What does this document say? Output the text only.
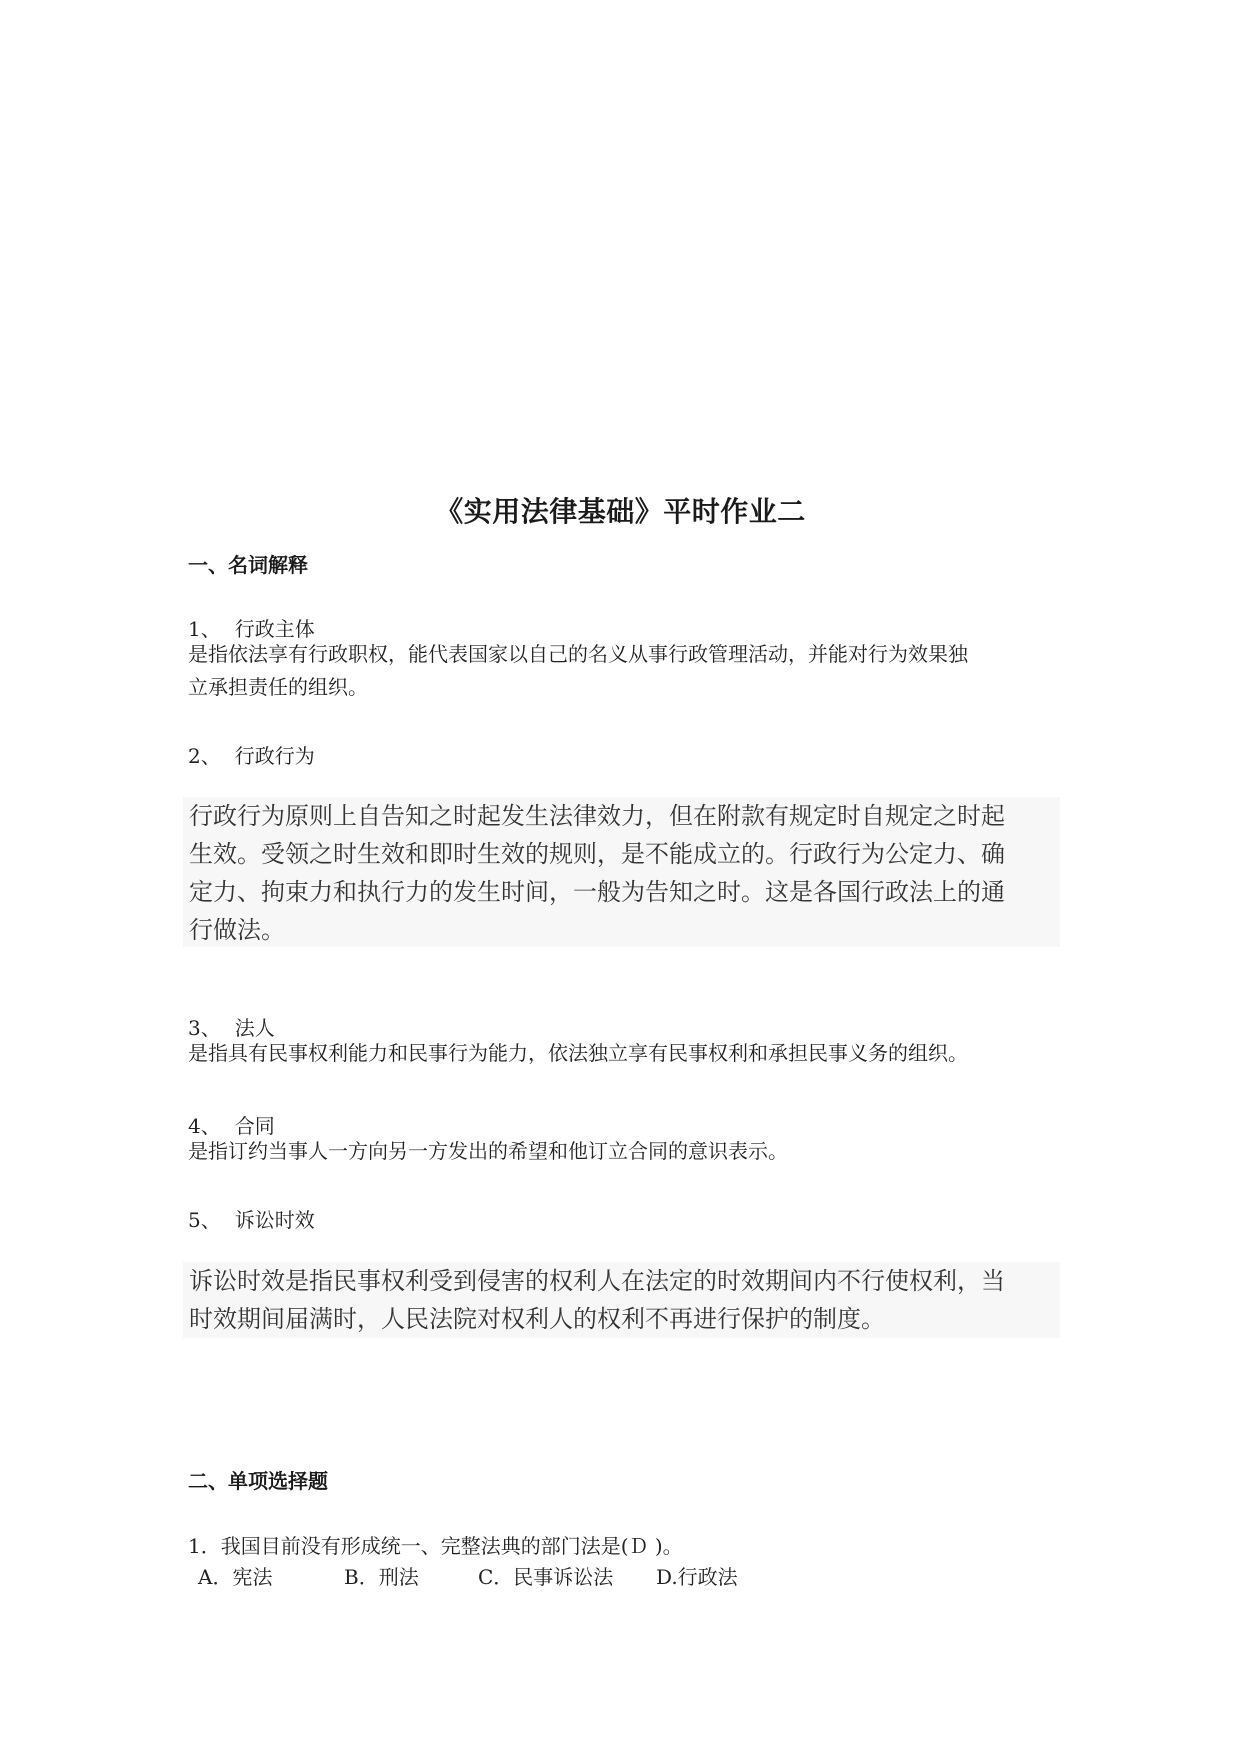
《实用法律基础》平时作业二
一、名词解释
1、 行政主体
是指依法享有行政职权，能代表国家以自己的名义从事行政管理活动，并能对行为效果独
立承担责任的组织。
2、 行政行为
行政行为原则上自告知之时起发生法律效力，但在附款有规定时自规定之时起
生效。受领之时生效和即时生效的规则，是不能成立的。行政行为公定力、确
定力、拘束力和执行力的发生时间，一般为告知之时。这是各国行政法上的通
行做法。
3、 法人
是指具有民事权利能力和民事行为能力，依法独立享有民事权利和承担民事义务的组织。
4、 合同
是指订约当事人一方向另一方发出的希望和他订立合同的意识表示。
5、 诉讼时效
诉讼时效是指民事权利受到侵害的权利人在法定的时效期间内不行使权利，当
时效期间届满时，人民法院对权利人的权利不再进行保护的制度。
二、单项选择题
1．我国目前没有形成统一、完整法典的部门法是(Ｄ )。
A．宪法	B．刑法	C．民事诉讼法 D.行政法
